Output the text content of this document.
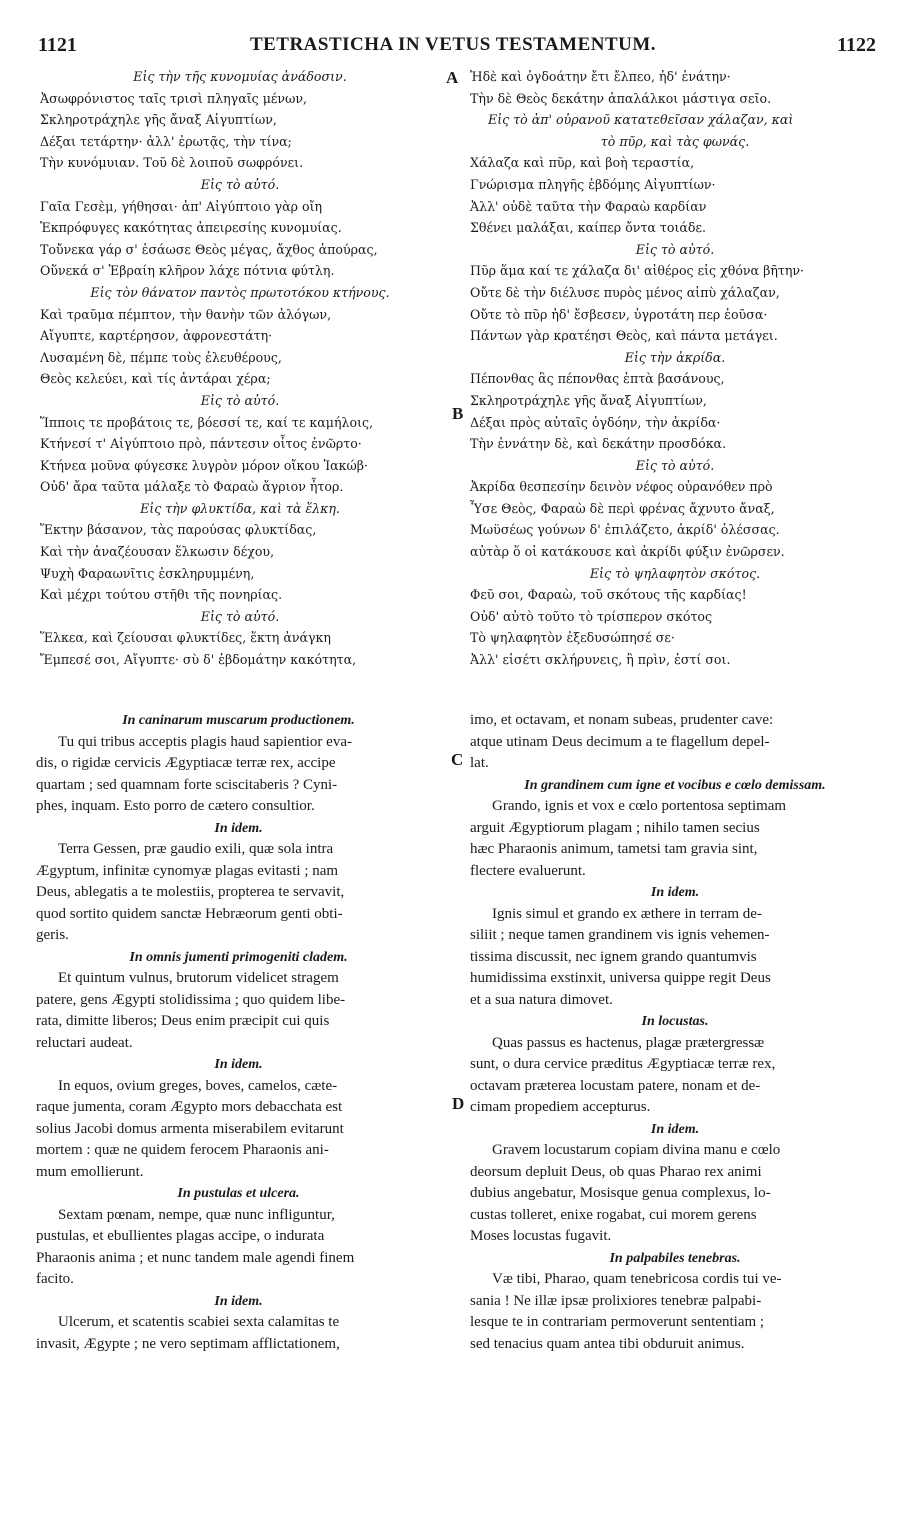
1121	TETRASTICHA IN VETUS TESTAMENTUM.	1122
A
B
C
D
Εἰς τὴν τῆς κυνομυίας ἀνάδοσιν.
Ἀσωφρόνιστος ταῖς τρισὶ πληγαῖς μένων,
Σκληροτράχηλε γῆς ἄναξ Αἰγυπτίων,
Δέξαι τετάρτην· ἀλλ' ἐρωτᾷς, τὴν τίνα;
Τὴν κυνόμυιαν. Τοῦ δὲ λοιποῦ σωφρόνει.
Εἰς τὸ αὐτό.
Γαῖα Γεσὲμ, γήθησαι· ἀπ' Αἰγύπτοιο γὰρ οἴη
Ἐκπρόφυγες κακότητας ἀπειρεσίης κυνομυίας.
Τοὔνεκα γάρ σ' ἐσάωσε Θεὸς μέγας, ἄχθος ἀπούρας,
Οὕνεκά σ' Ἑβραίη κλῆρον λάχε πότνια φύτλη.
Εἰς τὸν θάνατον παντὸς πρωτοτόκου κτήνους.
Καὶ τραῦμα πέμπτον, τὴν θανὴν τῶν ἀλόγων,
Αἴγυπτε, καρτέρησον, ἀφρονεστάτη·
Λυσαμένη δὲ, πέμπε τοὺς ἐλευθέρους,
Θεὸς κελεύει, καὶ τίς ἀντάραι χέρα;
Εἰς τὸ αὐτό.
Ἵπποις τε προβάτοις τε, βόεσσί τε, καί τε καμήλοις,
Κτήνεσί τ' Αἰγύπτοιο πρὸ, πάντεσιν οἶτος ἐνῶρτο·
Κτήνεα μοῦνα φύγεσκε λυγρὸν μόρον οἴκου Ἰακώβ·
Οὐδ' ἄρα ταῦτα μάλαξε τὸ Φαραὼ ἄγριον ἦτορ.
Εἰς τὴν φλυκτίδα, καὶ τὰ ἕλκη.
Ἕκτην βάσανον, τὰς παρούσας φλυκτίδας,
Καὶ τὴν ἀναζέουσαν ἕλκωσιν δέχου,
Ψυχὴ Φαραωνῖτις ἐσκληρυμμένη,
Καὶ μέχρι τούτου στῆθι τῆς πονηρίας.
Εἰς τὸ αὐτό.
Ἕλκεα, καὶ ζείουσαι φλυκτίδες, ἕκτη ἀνάγκη
Ἔμπεσέ σοι, Αἴγυπτε· σὺ δ' ἑβδομάτην κακότητα,
Ἠδὲ καὶ ὀγδοάτην ἔτι ἔλπεο, ἠδ' ἐνάτην·
Τὴν δὲ Θεὸς δεκάτην ἀπαλάλκοι μάστιγα σεῖο.
Εἰς τὸ ἀπ' οὐρανοῦ κατατεθεῖσαν χάλαζαν, καὶ
τὸ πῦρ, καὶ τὰς φωνάς.
Χάλαζα καὶ πῦρ, καὶ βοὴ τεραστία,
Γνώρισμα πληγῆς ἑβδόμης Αἰγυπτίων·
Ἀλλ' οὐδὲ ταῦτα τὴν Φαραὼ καρδίαν
Σθένει μαλάξαι, καίπερ ὄντα τοιάδε.
Εἰς τὸ αὐτό.
Πῦρ ἅμα καί τε χάλαζα δι' αἰθέρος εἰς χθόνα βῆτην·
Οὔτε δὲ τὴν διέλυσε πυρὸς μένος αἰπὺ χάλαζαν,
Οὔτε τὸ πῦρ ἠδ' ἔσβεσεν, ὑγροτάτη περ ἐοῦσα·
Πάντων γὰρ κρατέησι Θεὸς, καὶ πάντα μετάγει.
Εἰς τὴν ἀκρίδα.
Πέπονθας ἃς πέπονθας ἑπτὰ βασάνους,
Σκληροτράχηλε γῆς ἄναξ Αἰγυπτίων,
Δέξαι πρὸς αὐταῖς ὀγδόην, τὴν ἀκρίδα·
Τὴν ἐννάτην δὲ, καὶ δεκάτην προσδόκα.
Εἰς τὸ αὐτό.
Ἀκρίδα θεσπεσίην δεινὸν νέφος οὐρανόθεν πρὸ
Ὗσε Θεὸς, Φαραὼ δὲ περὶ φρένας ἄχνυτο ἄναξ,
Μωϋσέως γούνων δ' ἐπιλάζετο, ἀκρίδ' ὀλέσσας.
αὐτὰρ ὅ οἱ κατάκουσε καὶ ἀκρίδι φύξιν ἐνῶρσεν.
Εἰς τὸ ψηλαφητὸν σκότος.
Φεῦ σοι, Φαραὼ, τοῦ σκότους τῆς καρδίας!
Οὐδ' αὐτὸ τοῦτο τὸ τρίσπερον σκότος
Τὸ ψηλαφητὸν ἐξεδυσώπησέ σε·
Ἀλλ' εἰσέτι σκλήρυνεις, ἢ πρὶν, ἐστί σοι.
In caninarum muscarum productionem.
Tu qui tribus acceptis plagis haud sapientior eva-
dis, o rigidæ cervicis Ægyptiacæ terræ rex, accipe
quartam ; sed quamnam forte sciscitaberis ? Cyni-
phes, inquam. Esto porro de cætero consultior.
In idem.
Terra Gessen, præ gaudio exili, quæ sola intra
Ægyptum, infinitæ cynomyæ plagas evitasti ; nam
Deus, ablegatis a te molestiis, propterea te servavit,
quod sortito quidem sanctæ Hebræorum genti obti-
geris.
In omnis jumenti primogeniti cladem.
Et quintum vulnus, brutorum videlicet stragem
patere, gens Ægypti stolidissima ; quo quidem libe-
rata, dimitte liberos; Deus enim præcipit cui quis
reluctari audeat.
In idem.
In equos, ovium greges, boves, camelos, cæte-
raque jumenta, coram Ægypto mors debacchata est
solius Jacobi domus armenta miserabilem evitarunt
mortem : quæ ne quidem ferocem Pharaonis ani-
mum emollierunt.
In pustulas et ulcera.
Sextam pœnam, nempe, quæ nunc infliguntur,
pustulas, et ebullientes plagas accipe, o indurata
Pharaonis anima ; et nunc tandem male agendi finem
facito.
In idem.
Ulcerum, et scatentis scabiei sexta calamitas te
invasit, Ægypte ; ne vero septimam afflictationem,
imo, et octavam, et nonam subeas, prudenter cave:
atque utinam Deus decimum a te flagellum depel-
lat.
In grandinem cum igne et vocibus e cœlo demissam.
Grando, ignis et vox e cœlo portentosa septimam
arguit Ægyptiorum plagam ; nihilo tamen secius
hæc Pharaonis animum, tametsi tam gravia sint,
flectere evaluerunt.
In idem.
Ignis simul et grando ex æthere in terram de-
siliit ; neque tamen grandinem vis ignis vehemen-
tissima discussit, nec ignem grando quantumvis
humidissima exstinxit, universa quippe regit Deus
et a sua natura dimovet.
In locustas.
Quas passus es hactenus, plagæ prætergressæ
sunt, o dura cervice præditus Ægyptiacæ terræ rex,
octavam præterea locustam patere, nonam et de-
cimam propediem accepturus.
In idem.
Gravem locustarum copiam divina manu e cœlo
deorsum depluit Deus, ob quas Pharao rex animi
dubius angebatur, Mosisque genua complexus, lo-
custas tolleret, enixe rogabat, cui morem gerens
Moses locustas fugavit.
In palpabiles tenebras.
Væ tibi, Pharao, quam tenebricosa cordis tui ve-
sania ! Ne illæ ipsæ prolixiores tenebræ palpabi-
lesque te in contrariam permoverunt sententiam ;
sed tenacius quam antea tibi obduruit animus.
